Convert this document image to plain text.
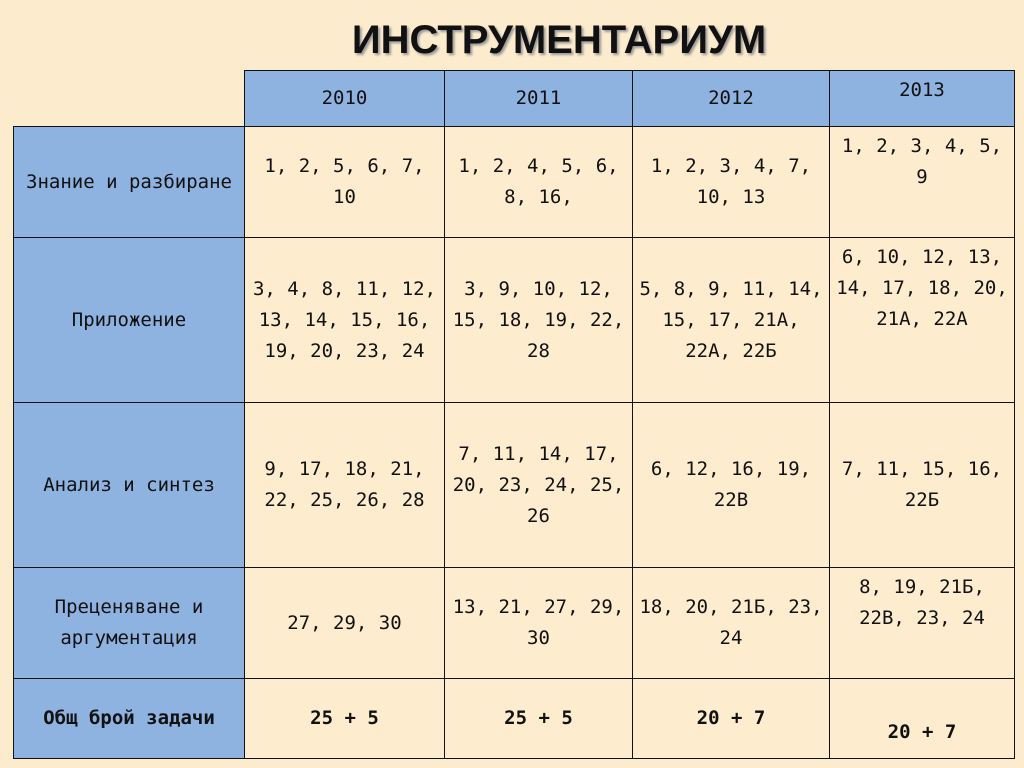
ИНСТРУМЕНТАРИУМ
	2010	2011	2012	2013
Знание и разбиране	1, 2, 5, 6, 7, 10	1, 2, 4, 5, 6, 8, 16,	1, 2, 3, 4, 7, 10, 13	1, 2, 3, 4, 5, 9
Приложение	3, 4, 8, 11, 12, 13, 14, 15, 16, 19, 20, 23, 24	3, 9, 10, 12, 15, 18, 19, 22, 28	5, 8, 9, 11, 14, 15, 17, 21А, 22А, 22Б	6, 10, 12, 13, 14, 17, 18, 20, 21А, 22А
Анализ и синтез	9, 17, 18, 21, 22, 25, 26, 28	7, 11, 14, 17, 20, 23, 24, 25, 26	6, 12, 16, 19, 22В	7, 11, 15, 16, 22Б
Преценяване и аргументация	27, 29, 30	13, 21, 27, 29, 30	18, 20, 21Б, 23, 24	8, 19, 21Б, 22В, 23, 24
Общ брой задачи	25 + 5	25 + 5	20 + 7	20 + 7
